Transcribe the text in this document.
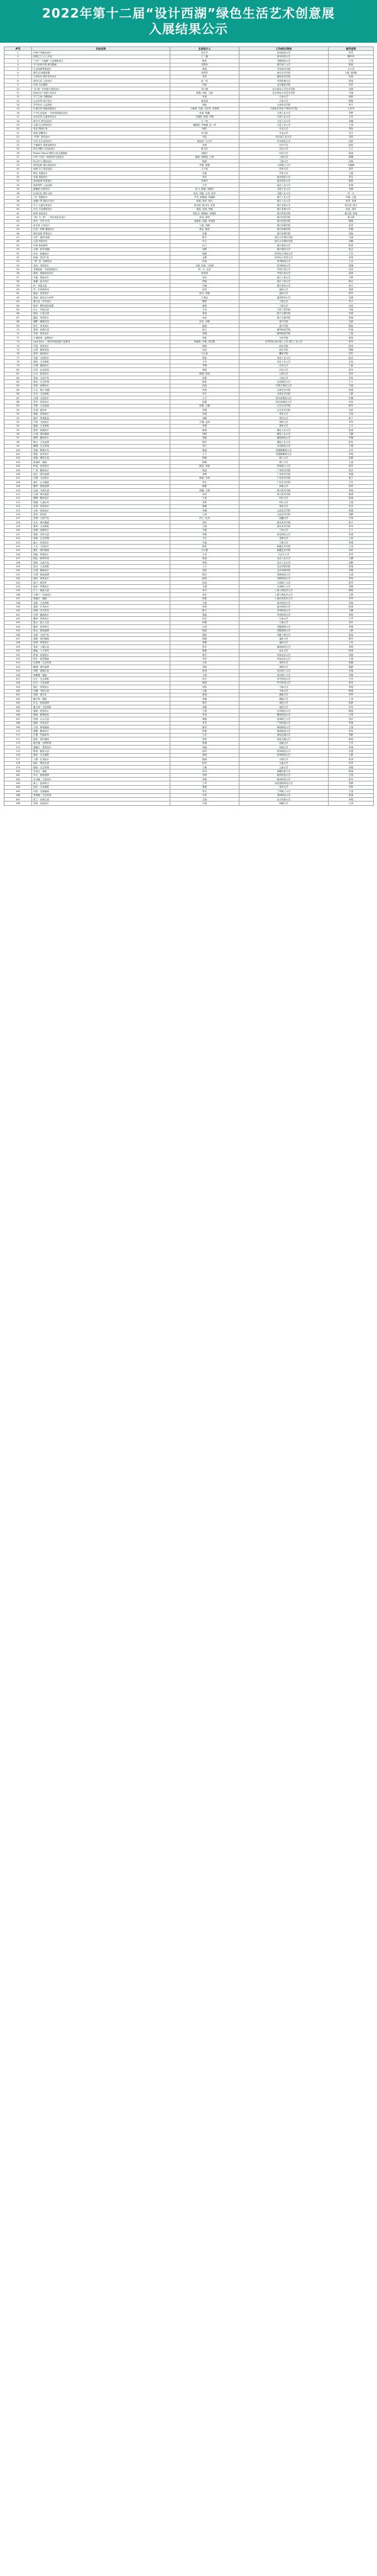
2022年第十二届“设计西湖”绿色生活艺术创意展
入展结果公示
序号	作品名称	主创设计人	工作单位/院校	指导老师
1	印象兴安碗品设计	梁宇杰	河北师范大学	李雪
2	阳明之门 心上年轮	王一鑫	西安科技大学	魏华荣
3	“守护一个温暖” 公益海报设计	陈希	安徽师范大学	王莹
4	节气里的中国 系列插画	刘思彤	浙江理工大学	陈旭
5	生态园林景观设计	张晓	中国美术学院	尹小龙
6	慢生活·西湖茶器	郭欣然	南京艺术学院	王蕾, 梁国栋
7	与风同行 城市家具设计	李浩	湖北美术学院	朱明
8	城市记忆 文创设计	赵一鸣	中国传媒大学	张弛
9	竹韵 生活器物	孙婷	北京服装学院	刘洋
10	“乐·稻” 乡村振兴视觉设计	周子涵	北京林业大学艺术学院	吴倩
11	绿色出行 交通工具设计	陈刚, 刘欣, 王颖	北京林业大学艺术学院	马丽
12	方寸之间 书籍装帧	吴迪	江南大学	杨帆
13	山水纹样 丝巾设计	黄佳琪	江南大学	曹敏
14	节约用水 公益招贴	徐凯	天津美术学院	钟宇
15	垃圾分类 智能装置设计	王海涛, 马超, 王欣然, 李思琪	天津美术学院 中国美术学院	王彩华
16	户外生存装备 一手两用的绿色设计	张雨, 陈鹏	天津工业大学	李辉
17	亲近自然 儿童家具设计	王婉婷, 张强, 李阳	天津工业大学	王钊
18	新中式 茶空间设计	王一帆	大连工业大学	刘娜
19	云端 交互界面设计	潘晓晨, 齐雨涵, 赵一鸣	大连工业大学	王玥
20	青花 陶瓷灯具	杨阳	东北大学	郑伟
21	荷韵 香薰设计	孙立群	东北大学	龙宇
22	“竹影” 茶具设计	邓洁	哈尔滨工业大学	刘洋
23	共享 社区花园设计	郭雨轩, 马立华	华东师范大学	孙梦
24	古镇新生 旅游品牌设计	孙新	东华大学	赵凯
25	再生·塑料 日用品设计	黄文浩	同济大学	王立
26	Plastic Planet 塑料污染主题插画	刘晓宇	同济大学	周丽
27	中华 “印记” 传统纹样文创设计	陆敏, 徐晓雯, 王婧	上海大学	陈璐
28	秋水伊人 服饰设计	陈嘉	上海大学	许晓
29	城市更新 街区改造设计	李慧, 郑磊	上海理工大学	马晓峰
30	雨林 手工香皂包装	王子怡	苏州大学	刘洋
31	陶艺 花器设计	吴敏	苏州大学	王磊
32	竹编 茶盘设计	刘永	南京林业大学	李志
33	绿色能源 科普展示	李建华	南京林业大学	陈晨
34	海洋保护 公益动画	王芳	南京工业大学	张倩
35	新徽派 民宿设计	何飞, 陈斌, 刘晓东	合肥工业大学	刘倩
36	运河记忆 城市文创	田亮, 刘丽, 王伟, 赵华	合肥工业大学	李一凡
37	“灵” 瓷器设计	严杰, 熊雅丽, 何晓峰	浙江工业大学	李瑞, 王磊
38	西湖十景 明信片设计	孙颖, 周华, 钱凡	浙江工业大学	张华, 刘涛
39	乡土 儿童玩具设计	廖宝珍, 陈兴伟, 李思	浙江农林大学	徐小明, 胡凡
40	共生 生态建筑设计	杨晶, 吴旭, 李健	浙江农林大学	孙虹, 刘洋
41	绿茶 包装设计	郑佳音, 陈晓丽, 李婉婷	浙江科技学院	夏玉婷, 张强
42	“禅” 与 “茶” 一 茶空间室内设计	张昊, 蒋婷	浙江科技学院	黄文斌
43	时光 · 手作 灯具	周嘉琪, 钱丽, 李兆明	浙江科技学院	陈刚
44	再生纸 文具设计	王建, 刘静	浙江传媒学院	张思
45	自然 · 呼吸 服装设计	黄志, 陈佳	浙江传媒学院	李慧
46	城市花园 景观设计	吴楠	浙江传媒学院	刘旭
47	守护 · 地球 海报	陈宇	浙江大学城市学院	马丽
48	山居 民宿设计	朱元	浙江大学城市学院	孙鹏
49	竹林 休闲座椅	孙力	浙江财经大学	陈思
50	水墨 · 杭州 插画	刘婷	浙江财经大学	张志
51	净水 · 装置设计	胡斌	杭州电子科技大学	王芳
52	绿意 · 家居产品	金敏	杭州电子科技大学	李涛
53	“茶” 语 · 品牌设计	孙怡	杭州师范大学	王洁
54	花间 · 首饰设计	王楠, 刘涛, 王莉莉	杭州师范大学	周琳
55	老街新韵 · 导视系统设计	刘一凡, 孟浩	中国计量大学	吴昊
56	萌宠 · 智能用品设计	张佳琪	中国计量大学	邵涛
57	节能 · 智能台灯	李伟	浙江工商大学	王辉
58	童趣 · 绘本设计	郑丽	浙江工商大学	陈洁
59	织 · 非遗文创	许娜	浙江海洋大学	钟宇
60	风 · 可持续时尚	杜明	温州大学	周游
61	瓯窑 · 茶具设计	张杰, 李磊	温州大学	蔡华
62	森林 · 绿色出行APP	王思远	温州医科大学	吴俊
63	蒲公英 · 灯具设计	柳婷	宁波大学	龙宇
64	海洋 · 塑料回收装置	黄晨	宁波大学	金浩
65	匠心 · 竹编文创	王伟	宁波工程学院	马明
66	城市 · 口袋公园	周涛	绍兴文理学院	李丽
67	越窑 · 青瓷设计	孙浩	绍兴文理学院	张海
68	湖畔 · 咖啡空间	沈杰, 余敏	嘉兴学院	吴晨
69	再生 · 家具设计	陆斌	嘉兴学院	陈凯
70	蚕桑 · 丝绸文创	钱文	湖州师范学院	许丽
71	竹韵 · 茶室设计	李娜	湖州师范学院	王艳
72	小城故事 · 品牌设计	刘佳	台州学院	张明
73	Last Kind — 海洋环保创意产品系列	徐嘉琪, 朱萌, 刘佳慧	台州学院 浙江理工大学 浙江工业大学	曾华
74	乡愁 · 民宿设计	杨帆	丽水学院	蒋涛
75	山野 · 露营装备	吴凯	丽水学院	胡刚
76	清风 · 扇面设计	王心怡	衢州学院	刘芳
77	石窟 · 文创设计	郭佳	河北工业大学	赵亮
78	燕赵 · 文化海报	王亮	河北工业大学	孟伟
79	长城 · 插画设计	李梅	河北大学	王磊
80	冰雪 · 运动装备	胡明	河北大学	张华
81	太行 · 民宿设计	陈强, 张丽	山西大学	刘洋
82	晋韵 · 文创产品	田静	山西大学	李伟
83	黄河 · 生态景观	郝伟	山西财经大学	王宁
84	草原 · 品牌设计	孙晶	内蒙古师范大学	马丽
85	白山 · 黑水 插画	李涛	吉林艺术学院	张强
86	关东 · 文化海报	刘宇	吉林艺术学院	王静
87	冰城 · 文创设计	王丹	哈尔滨师范大学	李娜
88	雪乡 · 民宿设计	赵磊	哈尔滨师范大学	孙伟
89	齐鲁 · 文化创意	张敏, 王鹏	山东艺术学院	陈华
90	泉城 · 城市IP	李娟	山东艺术学院	刘洋
91	海韵 · 首饰设计	孙悦	青岛大学	王明
92	渔村 · 景观改造	刘峰	青岛大学	张宁
93	中原 · 文创设计	王琳, 孟涛	郑州大学	李华
94	殷墟 · 文化海报	李强	郑州大学	王宇
95	楚风 · 漆器设计	陈晨	湖北工业大学	张丽
96	江城 · 城市插画	刘阳	湖北工业大学	王鹏
97	湘绣 · 服饰设计	周敏	湖南师范大学	李娜
98	梅山 · 文化品牌	胡杰	湖南工业大学	张伟
99	赣鄱 · 生态景观	刘宁	江西师范大学	王强
100	景德 · 陶瓷灯具	陈丽	景德镇陶瓷大学	余华
101	瓷韵 · 茶具设计	王宇	景德镇陶瓷大学	李明
102	闽南 · 建筑文创	林峰	厦门大学	张静
103	鼓浪屿 · 插画	黄敏	厦门大学	王丽
104	岭南 · 民居再生	陈浩, 李斌	华南理工大学	梁华
105	广绣 · 服饰设计	何晶	广州美术学院	周洋
106	湾区 · 城市品牌	刘敏	广州美术学院	李强
107	壮锦 · 文创设计	黄丽, 韦涛	广西艺术学院	蓝宁
108	漓江 · 山水插画	李杰	广西艺术学院	王芳
109	椰风 · 旅游品牌	陈静	海南大学	刘华
110	巴渝 · 火锅文创	张鹏, 王娟	四川美术学院	李明
111	山城 · 城市更新	刘洋	四川美术学院	陈勇
112	蜀锦 · 服饰设计	王欢	四川大学	张丽
113	熊猫 · 儿童玩具	李婷	四川大学	王刚
114	苗绣 · 首饰设计	杨敏	贵州大学	吴华
115	云岭 · 民宿设计	李娜	云南艺术学院	张强
116	普洱 · 茶包装	王涛	云南艺术学院	刘静
117	雪域 · 文创产品	次仁, 扎西	西藏大学	王明
118	长安 · 城市插画	刘杰	西安美术学院	张宇
119	秦风 · 文化海报	王丽	西安美术学院	李华
120	丝路 · 品牌设计	马强	兰州大学	王宁
121	敦煌 · 纹样文创	李敏	西北师范大学	张丽
122	高原 · 生态景观	才让	青海大学	王伟
123	塞上 · 民宿设计	马丽	宁夏大学	李强
124	天山 · 文创设计	阿依	新疆艺术学院	王涛
125	喀什 · 城市插画	买买提	新疆艺术学院	刘洋
126	胡杨 · 景观设计	王军	石河子大学	李华
127	绿色 · 校园导视	张丽	北京工业大学	王鹏
128	胡同 · 文创产品	李明	北京工业大学	刘静
129	故宫 · 文化海报	王宇	北京印刷学院	张强
130	京剧 · 插画设计	刘婷	北京印刷学院	李娜
131	长城 · 旅游品牌	陈杰	首都师范大学	王丽
132	燕京 · 家具设计	赵明	首都师范大学	李伟
133	津门 · 城市IP	孙涛	天津理工大学	张华
134	海河 · 景观设计	王娟	天津理工大学	刘强
135	沪上 · 海派文创	李丹	上海工程技术大学	陈明
136	石库门 · 空间设计	刘洋	上海工程技术大学	王静
137	黄浦江 · 插画	张敏	上海应用技术大学	李华
138	金陵 · 文化海报	王磊	南京师范大学	刘丽
139	秦淮 · 灯具设计	李婷	南京师范大学	张强
140	园林 · 苏式家具	陈宇	苏州科技大学	王鹏
141	评弹 · 插画设计	周丽	苏州科技大学	李明
142	紫砂 · 茶具设计	吴杰	江南大学	王华
143	惠山 · 泥人文创	孙敏	江南大学	刘洋
144	徽州 · 民居再生	汪涛	安徽建筑大学	李强
145	黄山 · 旅游品牌	程丽	安徽建筑大学	王静
146	宣纸 · 文创产品	胡明	安徽工程大学	张丽
147	闽都 · 城市插画	林静	福州大学	陈华
148	榕城 · 景观设计	郑强	福州大学	王伟
149	客家 · 土楼文创	张华	闽南师范大学	李明
150	潮汕 · 工夫茶具	陈敏	汕头大学	林涛
151	岭南 · 花窗设计	黄杰	华南农业大学	刘丽
152	珠江 · 夜景插画	李华	华南农业大学	王强
153	红树林 · 生态科普	王婷	深圳大学	张鹏
154	鹏城 · 城市品牌	刘明	深圳大学	陈静
155	荆楚 · 漆器文创	张涛	武汉理工大学	李丽
156	黄鹤楼 · 插画	王敏	武汉理工大学	刘强
157	长江 · 生态海报	李杰	华中科技大学	王华
158	武当 · 文化品牌	陈丽	华中科技大学	张伟
159	湘江 · 景观设计	刘伟	中南大学	李明
160	岳麓 · 书院文创	王静	中南大学	陈强
161	洞庭 · 渔文化	张丽	湖南大学	刘华
162	橘子洲 · 插画	李娜	湖南大学	王涛
163	庐山 · 旅游品牌	周杰	南昌大学	张静
164	滕王阁 · 文化海报	刘敏	南昌大学	李华
165	婺源 · 民宿设计	王强	江西财经大学	陈丽
166	赣南 · 脐橙包装	李涛	赣南师范大学	王明
167	桂林 · 山水文创	黄敏	桂林理工大学	刘洋
168	铜鼓 · 纹样设计	韦杰	广西民族大学	李强
169	天涯 · 海角插画	陈华	海南师范大学	王丽
170	黎锦 · 服饰设计	符敏	海南师范大学	张伟
171	巴蜀 · 竹编家具	王杰	西南交通大学	刘静
172	锦里 · 城市插画	李婷	西南交通大学	陈明
173	都江堰 · 水利科普	张强	西南大学	王华
174	嘉陵江 · 景观设计	刘丽	西南大学	李涛
175	黔韵 · 蜡染文创	杨华	贵州师范大学	吴强
176	梯田 · 生态海报	李明	贵州师范大学	王静
177	大理 · 扎染设计	段丽	大理大学	张涛
178	丽江 · 纳西文创	和杰	云南大学	李华
179	滇池 · 生态景观	王敏	云南大学	刘强
180	布达拉 · 插画	卓玛	西藏民族大学	陈丽
181	华山 · 旅游品牌	刘涛	陕西科技大学	王明
182	兵马俑 · 文创设计	李强	陕西科技大学	张华
183	黄土 · 窑洞再生	王华	西安建筑科技大学	李静
184	延安 · 文化海报	张敏	延安大学	刘伟
185	河西 · 走廊插画	李杰	兰州理工大学	王强
186	青海湖 · 生态科普	马华	青海师范大学	张丽
187	贺兰 · 岩画文创	王丽	北方民族大学	李明
188	雪莲 · 包装设计	古丽	新疆大学	王涛
